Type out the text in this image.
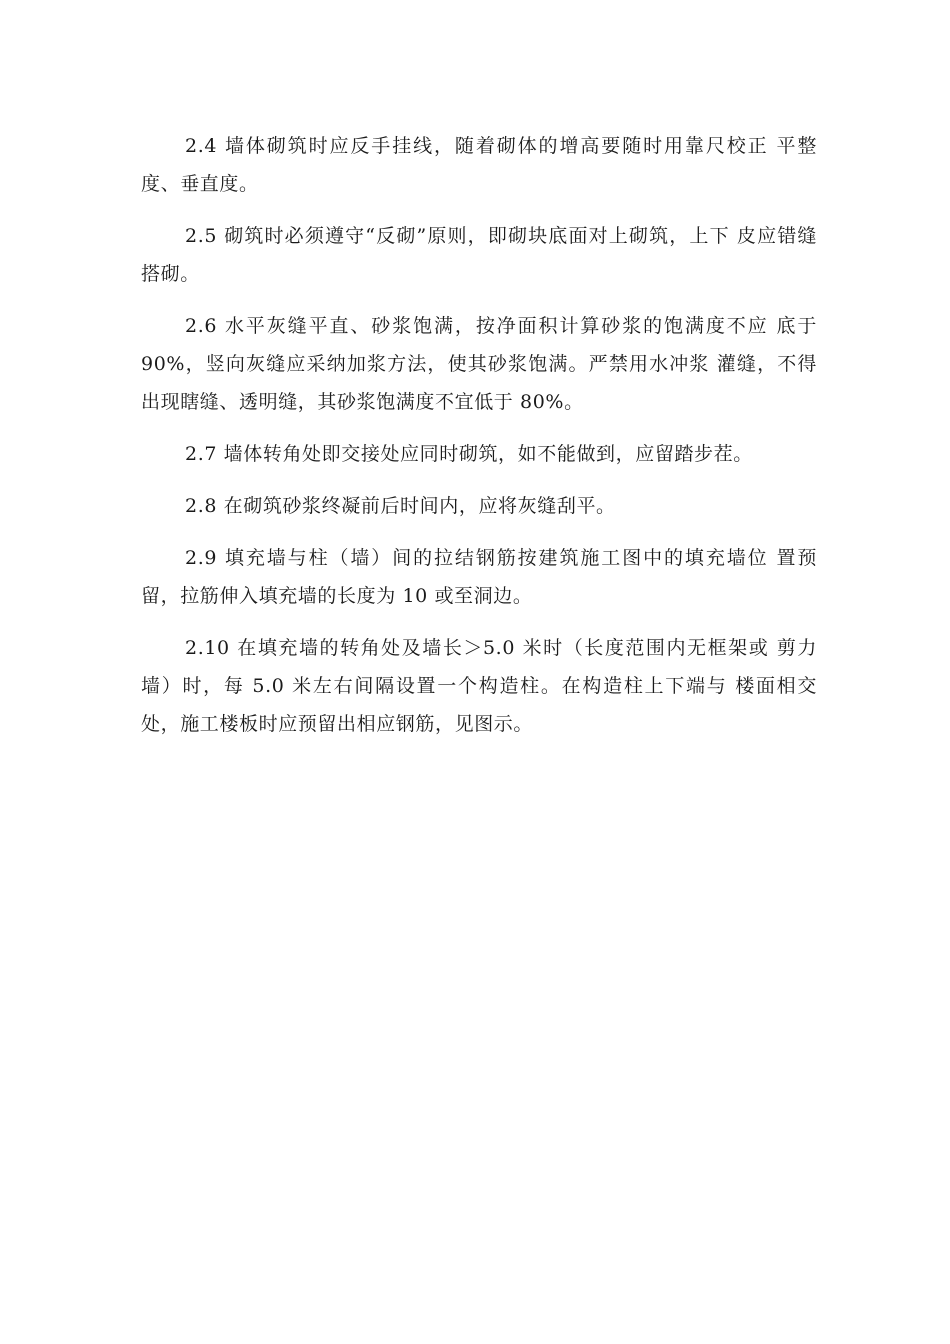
2.4 墙体砌筑时应反手挂线，随着砌体的增高要随时用靠尺校正 平整度、垂直度。

2.5 砌筑时必须遵守“反砌”原则，即砌块底面对上砌筑，上下 皮应错缝搭砌。

2.6 水平灰缝平直、砂浆饱满，按净面积计算砂浆的饱满度不应 底于 90%，竖向灰缝应采纳加浆方法，使其砂浆饱满。严禁用水冲浆 灌缝，不得出现瞎缝、透明缝，其砂浆饱满度不宜低于 80%。

2.7 墙体转角处即交接处应同时砌筑，如不能做到，应留踏步茬。

2.8 在砌筑砂浆终凝前后时间内，应将灰缝刮平。

2.9 填充墙与柱（墙）间的拉结钢筋按建筑施工图中的填充墙位 置预留，拉筋伸入填充墙的长度为 10 或至洞边。

2.10 在填充墙的转角处及墙长＞5.0 米时（长度范围内无框架或 剪力墙）时，每 5.0 米左右间隔设置一个构造柱。在构造柱上下端与 楼面相交处，施工楼板时应预留出相应钢筋，见图示。
